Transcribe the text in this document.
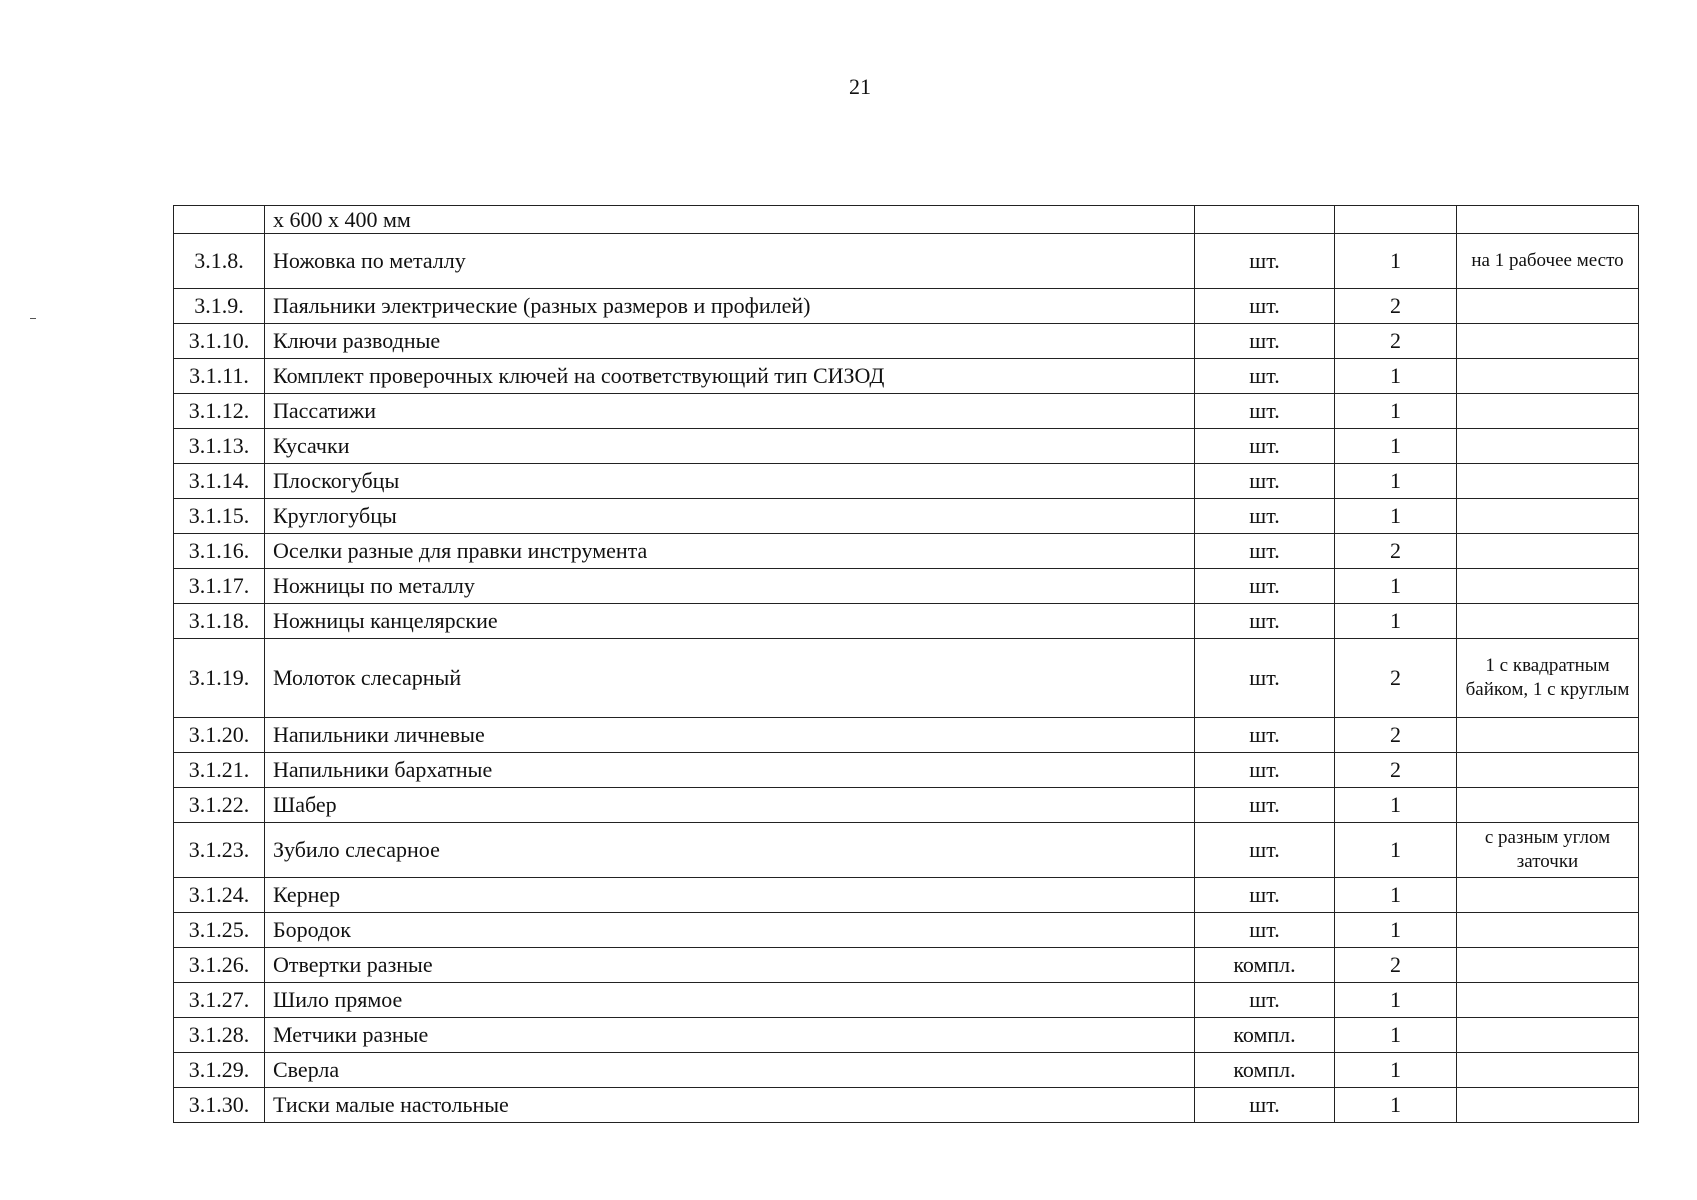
21
	х 600 х 400 мм			
3.1.8.	Ножовка по металлу	шт.	1	на 1 рабочее место
3.1.9.	Паяльники электрические (разных размеров и профилей)	шт.	2	
3.1.10.	Ключи разводные	шт.	2	
3.1.11.	Комплект проверочных ключей на соответствующий тип СИЗОД	шт.	1	
3.1.12.	Пассатижи	шт.	1	
3.1.13.	Кусачки	шт.	1	
3.1.14.	Плоскогубцы	шт.	1	
3.1.15.	Круглогубцы	шт.	1	
3.1.16.	Оселки разные для правки инструмента	шт.	2	
3.1.17.	Ножницы по металлу	шт.	1	
3.1.18.	Ножницы канцелярские	шт.	1	
3.1.19.	Молоток слесарный	шт.	2	1 с квадратным байком, 1 с круглым
3.1.20.	Напильники личневые	шт.	2	
3.1.21.	Напильники бархатные	шт.	2	
3.1.22.	Шабер	шт.	1	
3.1.23.	Зубило слесарное	шт.	1	с разным углом заточки
3.1.24.	Кернер	шт.	1	
3.1.25.	Бородок	шт.	1	
3.1.26.	Отвертки разные	компл.	2	
3.1.27.	Шило прямое	шт.	1	
3.1.28.	Метчики разные	компл.	1	
3.1.29.	Сверла	компл.	1	
3.1.30.	Тиски малые настольные	шт.	1	
